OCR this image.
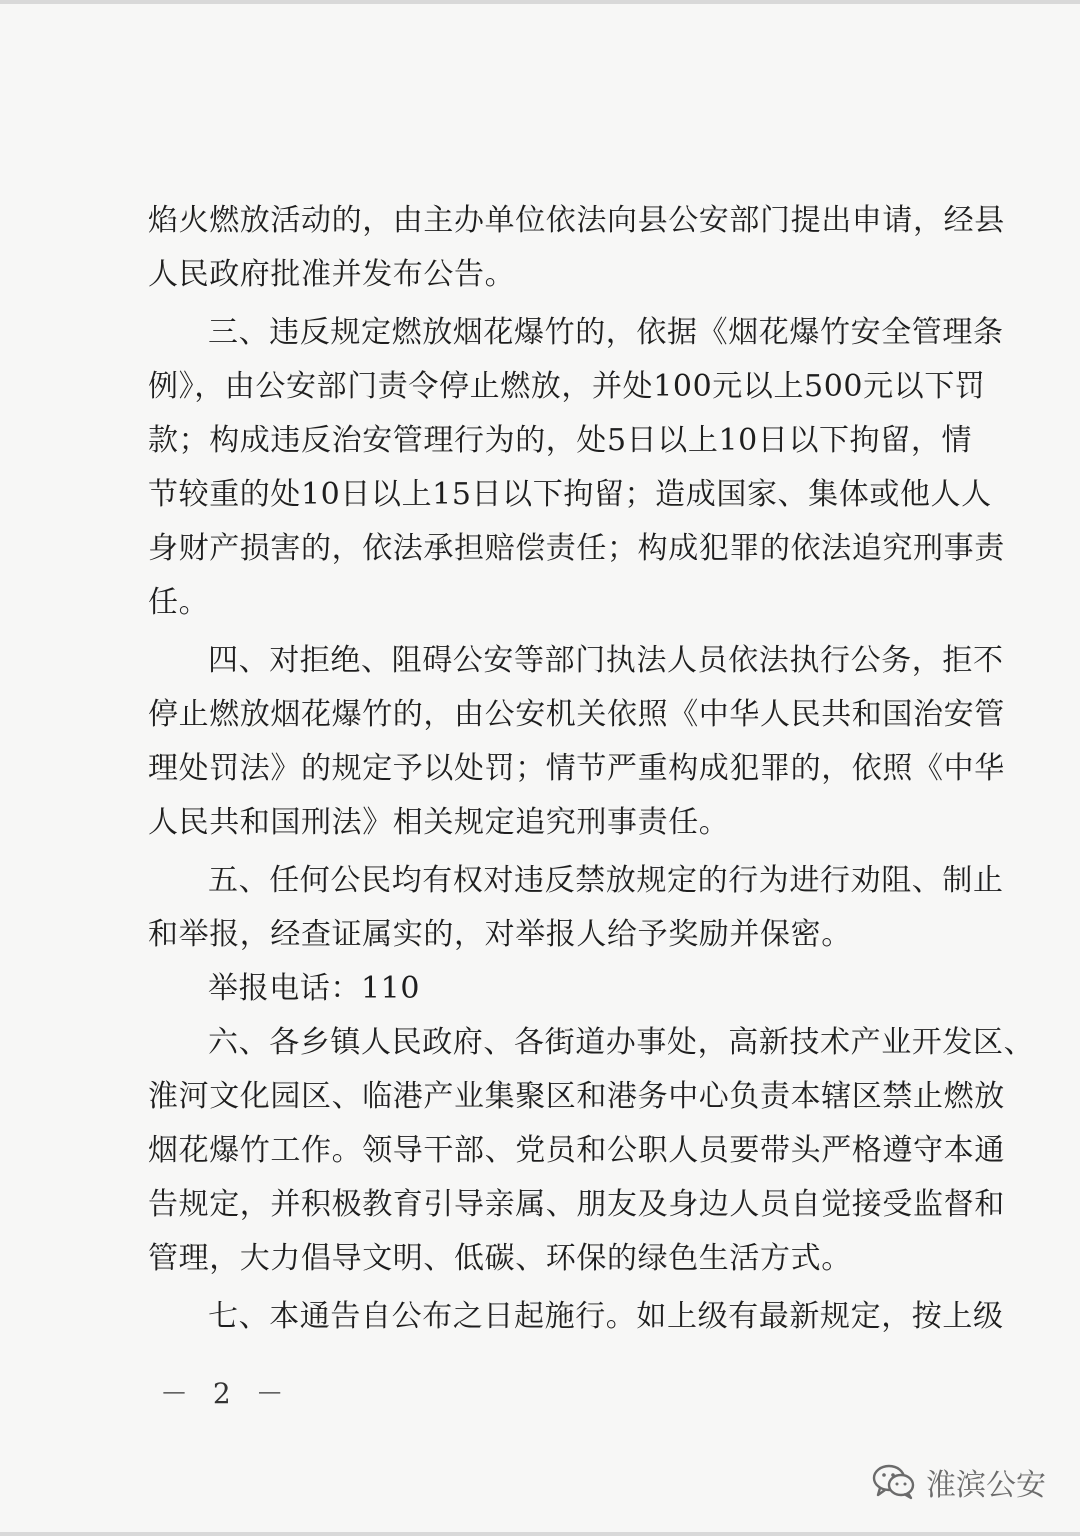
焰火燃放活动的，由主办单位依法向县公安部门提出申请，经县
人民政府批准并发布公告。
三、违反规定燃放烟花爆竹的，依据《烟花爆竹安全管理条
例》，由公安部门责令停止燃放，并处100元以上500元以下罚
款；构成违反治安管理行为的，处5日以上10日以下拘留，情
节较重的处10日以上15日以下拘留；造成国家、集体或他人人
身财产损害的，依法承担赔偿责任；构成犯罪的依法追究刑事责
任。
四、对拒绝、阻碍公安等部门执法人员依法执行公务，拒不
停止燃放烟花爆竹的，由公安机关依照《中华人民共和国治安管
理处罚法》的规定予以处罚；情节严重构成犯罪的，依照《中华
人民共和国刑法》相关规定追究刑事责任。
五、任何公民均有权对违反禁放规定的行为进行劝阻、制止
和举报，经查证属实的，对举报人给予奖励并保密。
举报电话：110
六、各乡镇人民政府、各街道办事处，高新技术产业开发区、
淮河文化园区、临港产业集聚区和港务中心负责本辖区禁止燃放
烟花爆竹工作。领导干部、党员和公职人员要带头严格遵守本通
告规定，并积极教育引导亲属、朋友及身边人员自觉接受监督和
管理，大力倡导文明、低碳、环保的绿色生活方式。
七、本通告自公布之日起施行。如上级有最新规定，按上级
－ 2 －
淮滨公安
